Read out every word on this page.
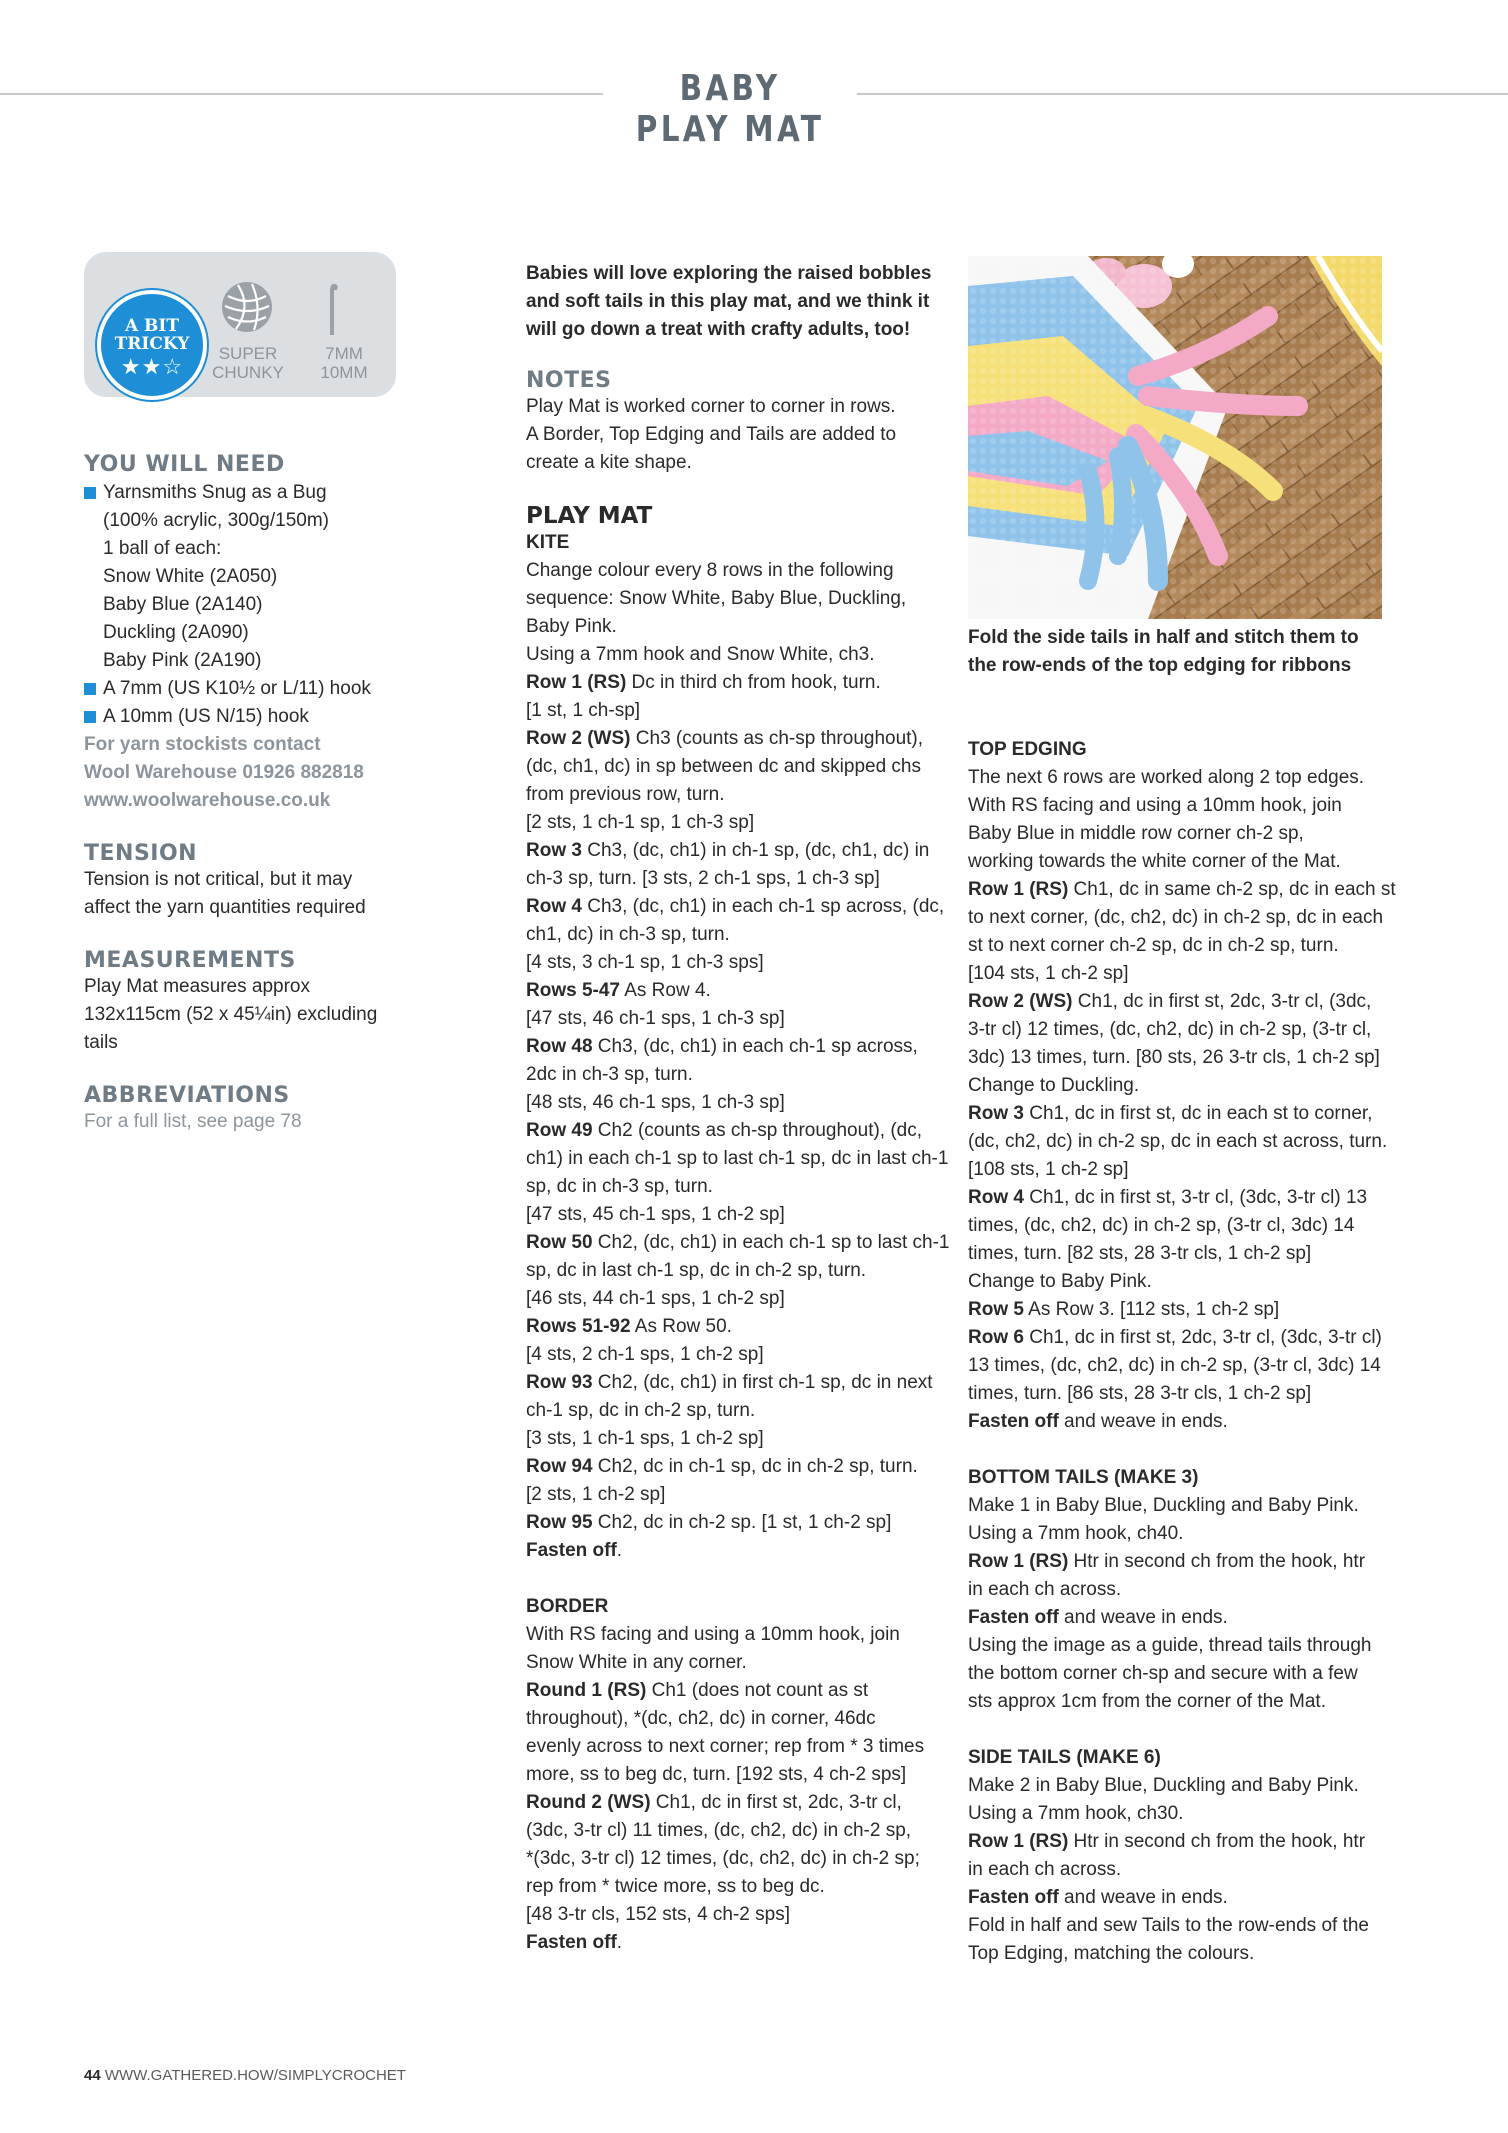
BABY PLAY MAT
A BIT
TRICKY
★★☆
SUPER
CHUNKY
7MM
10MM
YOU WILL NEED
Yarnsmiths Snug as a Bug
(100% acrylic, 300g/150m)
1 ball of each:
Snow White (2A050)
Baby Blue (2A140)
Duckling (2A090)
Baby Pink (2A190)
A 7mm (US K10½ or L/11) hook
A 10mm (US N/15) hook
For yarn stockists contact
Wool Warehouse 01926 882818
www.woolwarehouse.co.uk
TENSION
Tension is not critical, but it may
affect the yarn quantities required
MEASUREMENTS
Play Mat measures approx
132x115cm (52 x 45¼in) excluding
tails
ABBREVIATIONS
For a full list, see page 78
Babies will love exploring the raised bobbles
and soft tails in this play mat, and we think it
will go down a treat with crafty adults, too!
NOTES
Play Mat is worked corner to corner in rows.
A Border, Top Edging and Tails are added to
create a kite shape.
PLAY MAT
KITE
Change colour every 8 rows in the following
sequence: Snow White, Baby Blue, Duckling,
Baby Pink.
Using a 7mm hook and Snow White, ch3.
Row 1 (RS) Dc in third ch from hook, turn.
[1 st, 1 ch-sp]
Row 2 (WS) Ch3 (counts as ch-sp throughout),
(dc, ch1, dc) in sp between dc and skipped chs
from previous row, turn.
[2 sts, 1 ch-1 sp, 1 ch-3 sp]
Row 3 Ch3, (dc, ch1) in ch-1 sp, (dc, ch1, dc) in
ch-3 sp, turn. [3 sts, 2 ch-1 sps, 1 ch-3 sp]
Row 4 Ch3, (dc, ch1) in each ch-1 sp across, (dc,
ch1, dc) in ch-3 sp, turn.
[4 sts, 3 ch-1 sp, 1 ch-3 sps]
Rows 5-47 As Row 4.
[47 sts, 46 ch-1 sps, 1 ch-3 sp]
Row 48 Ch3, (dc, ch1) in each ch-1 sp across,
2dc in ch-3 sp, turn.
[48 sts, 46 ch-1 sps, 1 ch-3 sp]
Row 49 Ch2 (counts as ch-sp throughout), (dc,
ch1) in each ch-1 sp to last ch-1 sp, dc in last ch-1
sp, dc in ch-3 sp, turn.
[47 sts, 45 ch-1 sps, 1 ch-2 sp]
Row 50 Ch2, (dc, ch1) in each ch-1 sp to last ch-1
sp, dc in last ch-1 sp, dc in ch-2 sp, turn.
[46 sts, 44 ch-1 sps, 1 ch-2 sp]
Rows 51-92 As Row 50.
[4 sts, 2 ch-1 sps, 1 ch-2 sp]
Row 93 Ch2, (dc, ch1) in first ch-1 sp, dc in next
ch-1 sp, dc in ch-2 sp, turn.
[3 sts, 1 ch-1 sps, 1 ch-2 sp]
Row 94 Ch2, dc in ch-1 sp, dc in ch-2 sp, turn.
[2 sts, 1 ch-2 sp]
Row 95 Ch2, dc in ch-2 sp. [1 st, 1 ch-2 sp]
Fasten off.
BORDER
With RS facing and using a 10mm hook, join
Snow White in any corner.
Round 1 (RS) Ch1 (does not count as st
throughout), *(dc, ch2, dc) in corner, 46dc
evenly across to next corner; rep from * 3 times
more, ss to beg dc, turn. [192 sts, 4 ch-2 sps]
Round 2 (WS) Ch1, dc in first st, 2dc, 3-tr cl,
(3dc, 3-tr cl) 11 times, (dc, ch2, dc) in ch-2 sp,
*(3dc, 3-tr cl) 12 times, (dc, ch2, dc) in ch-2 sp;
rep from * twice more, ss to beg dc.
[48 3-tr cls, 152 sts, 4 ch-2 sps]
Fasten off.
Fold the side tails in half and stitch them to
the row-ends of the top edging for ribbons
TOP EDGING
The next 6 rows are worked along 2 top edges.
With RS facing and using a 10mm hook, join
Baby Blue in middle row corner ch-2 sp,
working towards the white corner of the Mat.
Row 1 (RS) Ch1, dc in same ch-2 sp, dc in each st
to next corner, (dc, ch2, dc) in ch-2 sp, dc in each
st to next corner ch-2 sp, dc in ch-2 sp, turn.
[104 sts, 1 ch-2 sp]
Row 2 (WS) Ch1, dc in first st, 2dc, 3-tr cl, (3dc,
3-tr cl) 12 times, (dc, ch2, dc) in ch-2 sp, (3-tr cl,
3dc) 13 times, turn. [80 sts, 26 3-tr cls, 1 ch-2 sp]
Change to Duckling.
Row 3 Ch1, dc in first st, dc in each st to corner,
(dc, ch2, dc) in ch-2 sp, dc in each st across, turn.
[108 sts, 1 ch-2 sp]
Row 4 Ch1, dc in first st, 3-tr cl, (3dc, 3-tr cl) 13
times, (dc, ch2, dc) in ch-2 sp, (3-tr cl, 3dc) 14
times, turn. [82 sts, 28 3-tr cls, 1 ch-2 sp]
Change to Baby Pink.
Row 5 As Row 3. [112 sts, 1 ch-2 sp]
Row 6 Ch1, dc in first st, 2dc, 3-tr cl, (3dc, 3-tr cl)
13 times, (dc, ch2, dc) in ch-2 sp, (3-tr cl, 3dc) 14
times, turn. [86 sts, 28 3-tr cls, 1 ch-2 sp]
Fasten off and weave in ends.
BOTTOM TAILS (MAKE 3)
Make 1 in Baby Blue, Duckling and Baby Pink.
Using a 7mm hook, ch40.
Row 1 (RS) Htr in second ch from the hook, htr
in each ch across.
Fasten off and weave in ends.
Using the image as a guide, thread tails through
the bottom corner ch-sp and secure with a few
sts approx 1cm from the corner of the Mat.
SIDE TAILS (MAKE 6)
Make 2 in Baby Blue, Duckling and Baby Pink.
Using a 7mm hook, ch30.
Row 1 (RS) Htr in second ch from the hook, htr
in each ch across.
Fasten off and weave in ends.
Fold in half and sew Tails to the row-ends of the
Top Edging, matching the colours.
44 WWW.GATHERED.HOW/SIMPLYCROCHET
